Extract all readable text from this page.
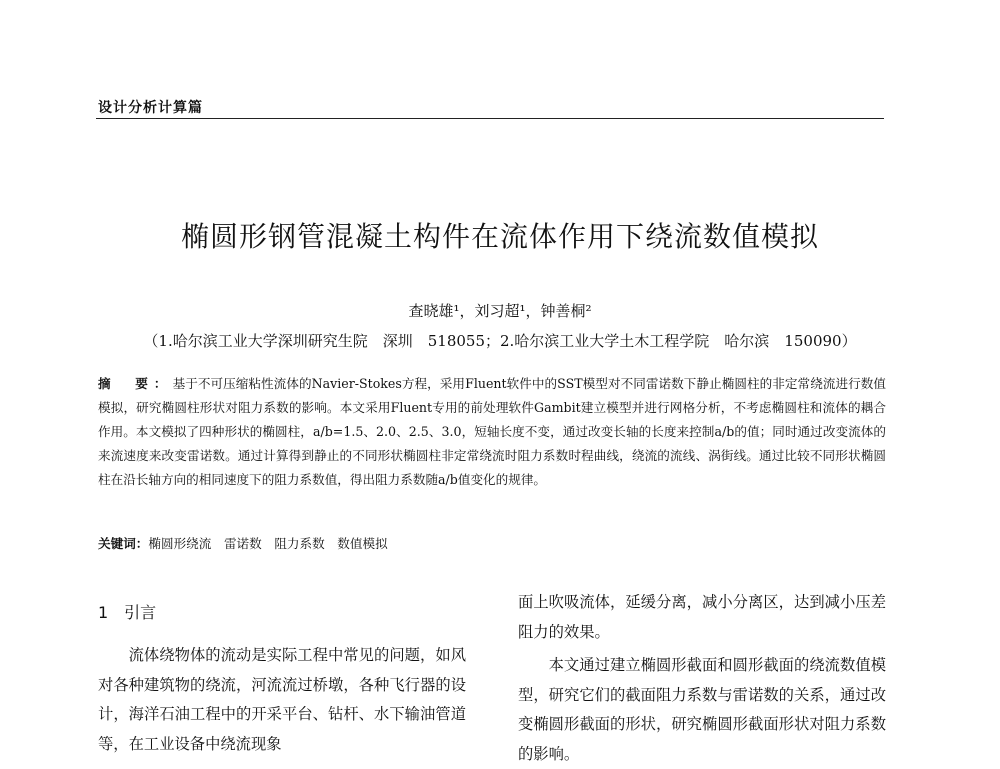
设计分析计算篇
椭圆形钢管混凝土构件在流体作用下绕流数值模拟
查晓雄¹，刘习超¹，钟善桐²
（1.哈尔滨工业大学深圳研究生院　深圳　518055；2.哈尔滨工业大学土木工程学院　哈尔滨　150090）
摘　要：基于不可压缩粘性流体的Navier-Stokes方程，采用Fluent软件中的SST模型对不同雷诺数下静止椭圆柱的非定常绕流进行数值模拟，研究椭圆柱形状对阻力系数的影响。本文采用Fluent专用的前处理软件Gambit建立模型并进行网格分析，不考虑椭圆柱和流体的耦合作用。本文模拟了四种形状的椭圆柱，a/b=1.5、2.0、2.5、3.0，短轴长度不变，通过改变长轴的长度来控制a/b的值；同时通过改变流体的来流速度来改变雷诺数。通过计算得到静止的不同形状椭圆柱非定常绕流时阻力系数时程曲线，绕流的流线、涡街线。通过比较不同形状椭圆柱在沿长轴方向的相同速度下的阻力系数值，得出阻力系数随a/b值变化的规律。
关键词：椭圆形绕流　雷诺数　阻力系数　数值模拟
1　引言

流体绕物体的流动是实际工程中常见的问题，如风对各种建筑物的绕流，河流流过桥墩，各种飞行器的设计，海洋石油工程中的开采平台、钻杆、水下输油管道等，在工业设备中绕流现象

面上吹吸流体，延缓分离，减小分离区，达到减小压差阻力的效果。

本文通过建立椭圆形截面和圆形截面的绕流数值模型，研究它们的截面阻力系数与雷诺数的关系，通过改变椭圆形截面的形状，研究椭圆形截面形状对阻力系数的影响。
